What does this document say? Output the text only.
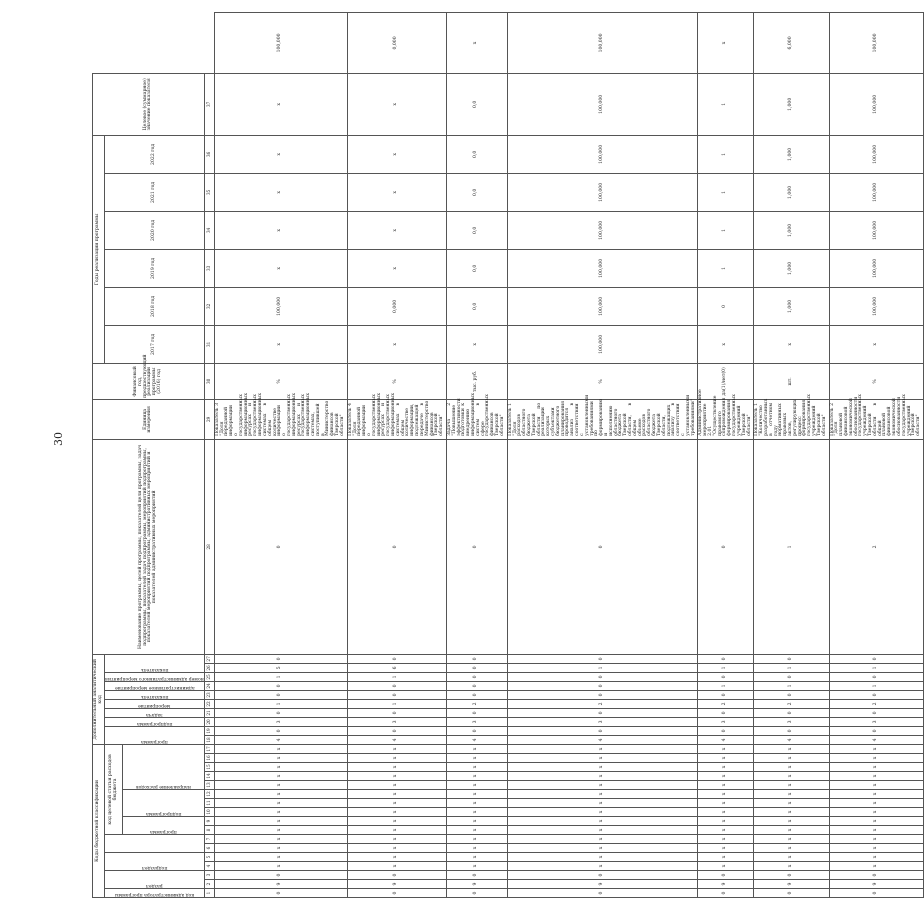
30
Коды бюджетной классификации																	Дополнительный аналитический код										Наименование программы, целей программы, показателей цели программы, задач подпрограммы, показателей задач подпрограммы, мероприятий подпрограммы, показателей мероприятий подпрограммы, административных мероприятий и показателей административных мероприятий	Единица измерения	Финансовый год, предшествующий реализации программы (2016) год	Годы реализации программы						Целевое (суммарное) значение показателя	

код администратора программы	раздел		подраздел				код целевой статьи расходов бюджета										программа		подпрограмма	задача	мероприятие	показатель	административное мероприятие	номер административного мероприятия	показатель					2017 год	2018 год	2019 год	2020 год	2021 год	2022 год		

							программа		подпрограмма			направление расходов																									

1	2	3	4	5	6	7	8	9	10	11	12	13	14	15	16	17	18	19	20	21	22	23	24	25	26	27	28	29	30	31	32	33	34	35	36	37	
0	9	0	x	x	x	x	x	x	x	x	x	x	x	x	x	x	4	0	3	0	1	0	0	1	5	0	0	Показатель 3 "Доля переданной информации о государственных информационных ресурсах и государственных информационных системах в общем количестве информации о государственных информационных ресурсах и государственных информационных системах, поступившей в Министерство финансов Тверской области"	%	x	100,000	x	x	x	x	x	100,000
0	9	0	x	x	x	x	x	x	x	x	x	x	x	x	x	x	4	0	3	0	1	0	0	1	6	0	0	Показатель 4 "Доля переданной информации о государственных информационных ресурсах и государственных информационных системах в общем количестве информации, подлежащей передаче в Министерство финансов Тверской области"	%	x	0,000	x	x	x	x	x	0,000
0	9	0	x	x	x	x	x	x	x	x	x	x	x	x	x	x	4	0	3	0	2	0	0	0	0	0	0	Задача 2 "Повышение эффективности подготовки к внедрению информационных систем в сфере государственных финансов Тверской области"	тыс. руб.	x	0,0	0,0	0,0	0,0	0,0	0,0	x
0	9	0	x	x	x	x	x	x	x	x	x	x	x	x	x	x	4	0	3	0	2	0	0	0	1	0	0	Показатель 1 "Доля расходов областного бюджета Тверской области по реализации которых субъектами бюджетного планирования проводится анализ в соответствии с установленными требованиями по формированию и исполнению областного бюджета Тверской области, в общем объеме расходов областного бюджета Тверской области, подлежащих анализу в соответствии с установленными требованиями"	%	100,000	100,000	100,000	100,000	100,000	100,000	100,000	100,000
0	9	0	x	x	x	x	x	x	x	x	x	x	x	x	x	x	4	0	3	0	2	0	1	0	1	0	0	Административное мероприятие 2.01 "Осуществление правового сопровождения формирования государственных учреждений Тверской области"	да(1)/нет(0)	x	0	1	1	1	1	1	x
0	9	0	x	x	x	x	x	x	x	x	x	x	x	x	x	x	4	0	3	0	2	0	1	0	1	0	1	Показатель 1 "Количество разработанных в отчетном году нормативных правовых актов, регулирующих процесс формирования государственных учреждений Тверской области"	шт.	x	1,000	1,000	1,000	1,000	1,000	1,000	6,000
0	9	0	x	x	x	x	x	x	x	x	x	x	x	x	x	x	4	0	3	0	2	0	1	0	1	0	2	Показатель 2 "Доля плановой финансовой экономической обоснованности государственных учреждений Тверской области в общей плановой финансовой экономической обоснованности государственных учреждений Тверской области"	%	x	100,000	100,000	100,000	100,000	100,000	100,000	100,000
